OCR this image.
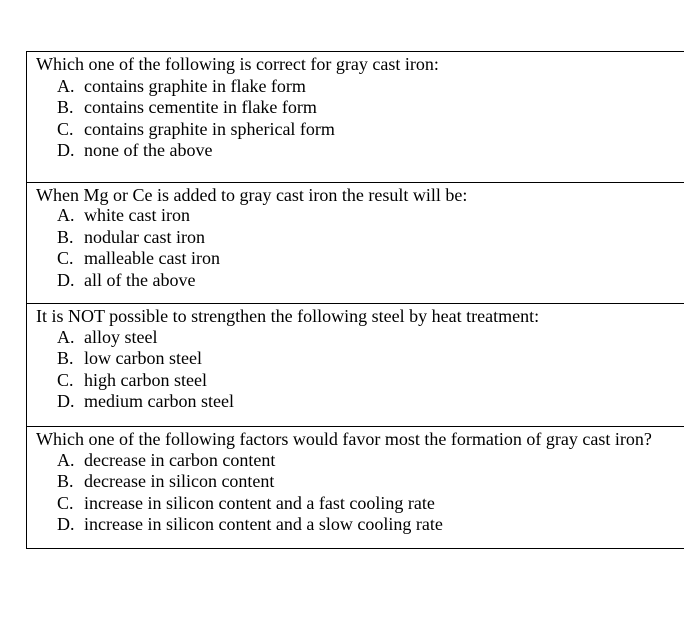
Which one of the following is correct for gray cast iron:
A. contains graphite in flake form
B. contains cementite in flake form
C. contains graphite in spherical form
D. none of the above
When Mg or Ce is added to gray cast iron the result will be:
A. white cast iron
B. nodular cast iron
C. malleable cast iron
D. all of the above
It is NOT possible to strengthen the following steel by heat treatment:
A. alloy steel
B. low carbon steel
C. high carbon steel
D. medium carbon steel
Which one of the following factors would favor most the formation of gray cast iron?
A. decrease in carbon content
B. decrease in silicon content
C. increase in silicon content and a fast cooling rate
D. increase in silicon content and a slow cooling rate
